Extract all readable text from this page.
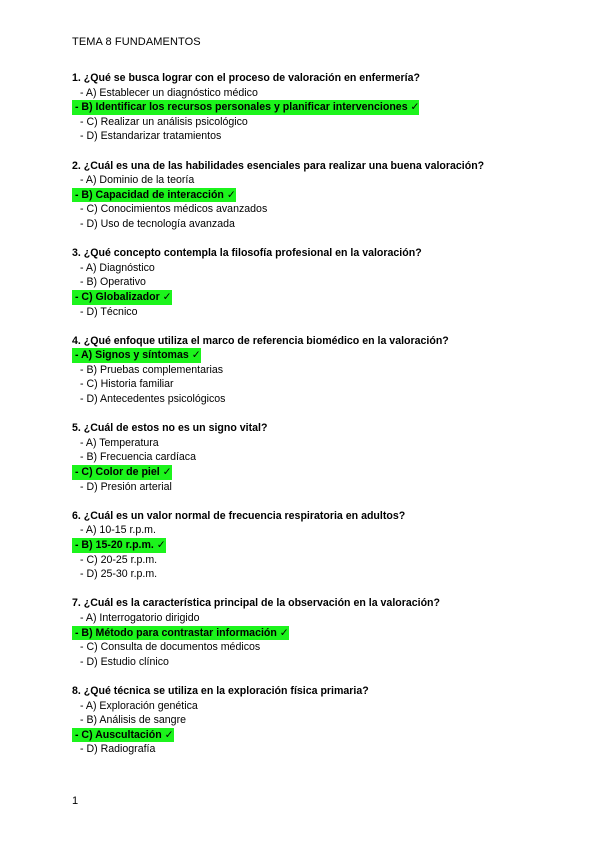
TEMA 8 FUNDAMENTOS
1. ¿Qué se busca lograr con el proceso de valoración en enfermería?
- A) Establecer un diagnóstico médico
- B) Identificar los recursos personales y planificar intervenciones ✓
- C) Realizar un análisis psicológico
- D) Estandarizar tratamientos
2. ¿Cuál es una de las habilidades esenciales para realizar una buena valoración?
- A) Dominio de la teoría
- B) Capacidad de interacción ✓
- C) Conocimientos médicos avanzados
- D) Uso de tecnología avanzada
3. ¿Qué concepto contempla la filosofía profesional en la valoración?
- A) Diagnóstico
- B) Operativo
- C) Globalizador ✓
- D) Técnico
4. ¿Qué enfoque utiliza el marco de referencia biomédico en la valoración?
- A) Signos y síntomas ✓
- B) Pruebas complementarias
- C) Historia familiar
- D) Antecedentes psicológicos
5. ¿Cuál de estos no es un signo vital?
- A) Temperatura
- B) Frecuencia cardíaca
- C) Color de piel ✓
- D) Presión arterial
6. ¿Cuál es un valor normal de frecuencia respiratoria en adultos?
- A) 10-15 r.p.m.
- B) 15-20 r.p.m. ✓
- C) 20-25 r.p.m.
- D) 25-30 r.p.m.
7. ¿Cuál es la característica principal de la observación en la valoración?
- A) Interrogatorio dirigido
- B) Método para contrastar información ✓
- C) Consulta de documentos médicos
- D) Estudio clínico
8. ¿Qué técnica se utiliza en la exploración física primaria?
- A) Exploración genética
- B) Análisis de sangre
- C) Auscultación ✓
- D) Radiografía
1
